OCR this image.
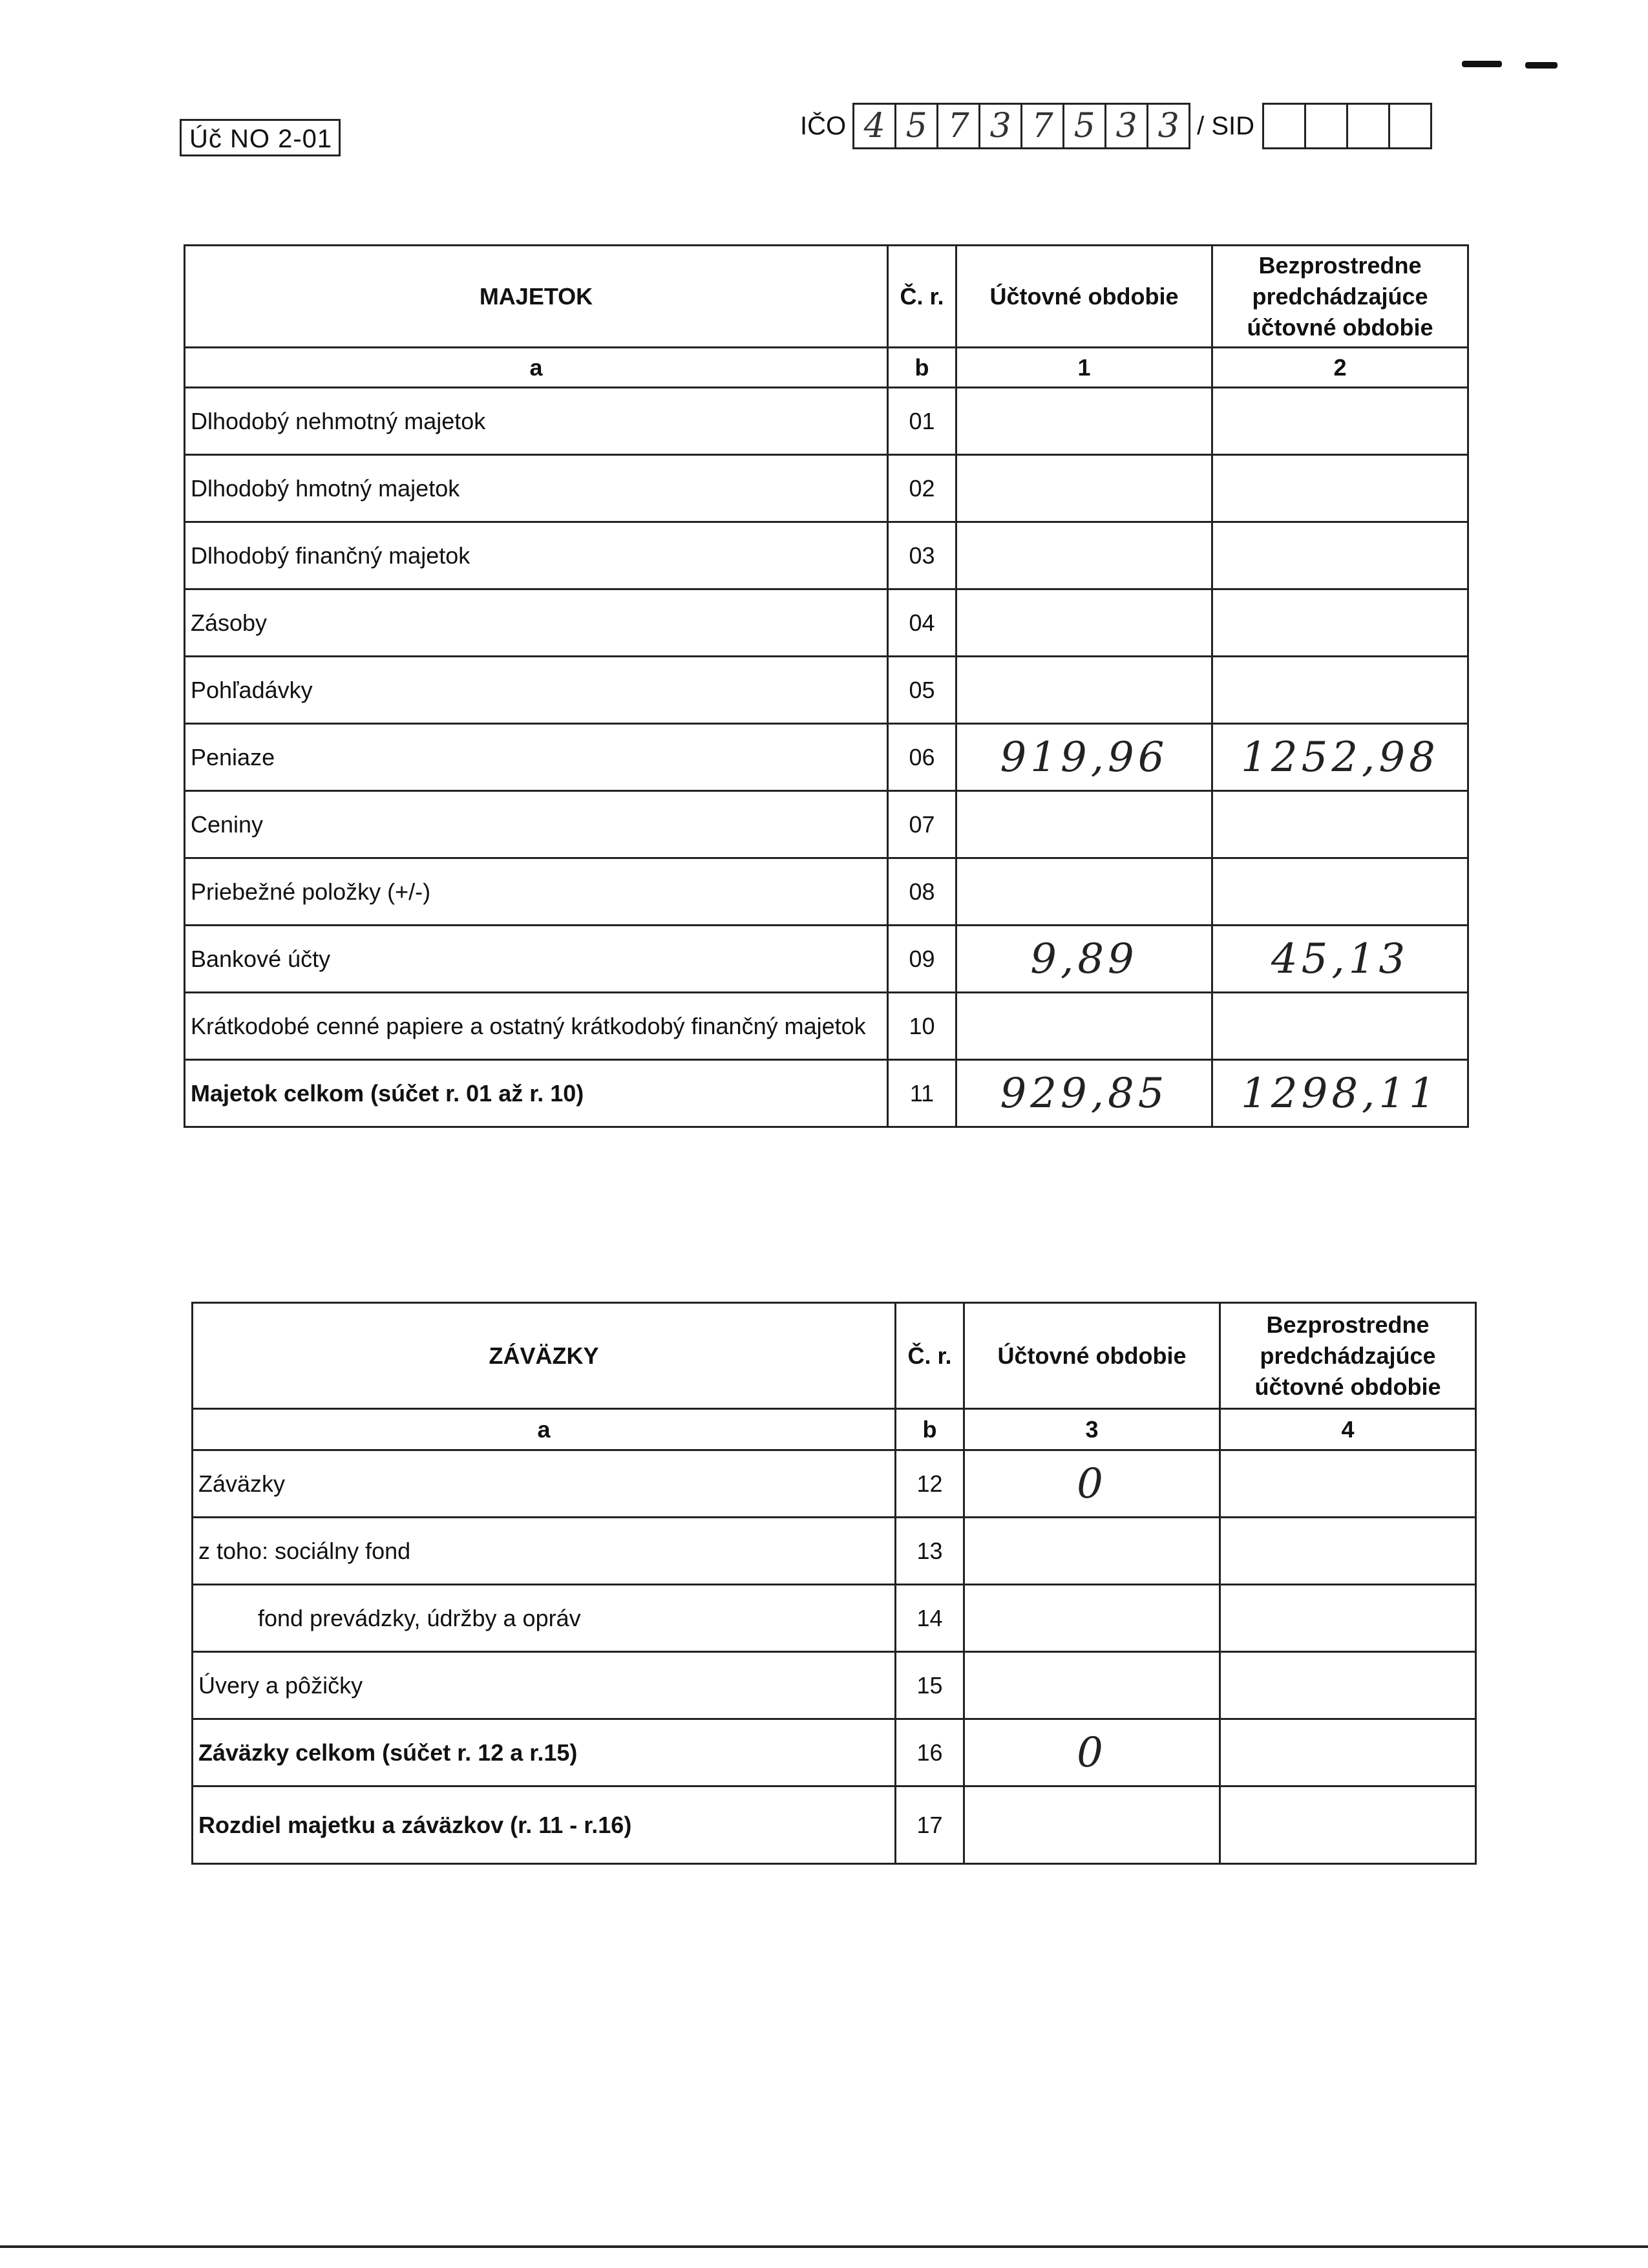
Úč NO 2-01	IČO 4 5 7 3 7 5 3 3 / SID
MAJETOK	Č. r.	Účtovné obdobie	Bezprostredne predchádzajúce účtovné obdobie
a	b	1	2
Dlhodobý nehmotný majetok	01		
Dlhodobý hmotný majetok	02		
Dlhodobý finančný majetok	03		
Zásoby	04		
Pohľadávky	05		
Peniaze	06	919,96	1252,98
Ceniny	07		
Priebežné položky (+/-)	08		
Bankové účty	09	9,89	45,13
Krátkodobé cenné papiere a ostatný krátkodobý finančný majetok	10		
Majetok celkom (súčet r. 01 až r. 10)	11	929,85	1298,11
ZÁVÄZKY	Č. r.	Účtovné obdobie	Bezprostredne predchádzajúce účtovné obdobie
a	b	3	4
Záväzky	12	0	
z toho: sociálny fond	13		
fond prevádzky, údržby a opráv	14		
Úvery a pôžičky	15		
Záväzky celkom (súčet r. 12 a r.15)	16	0	
Rozdiel majetku a záväzkov (r. 11 - r.16)	17		
